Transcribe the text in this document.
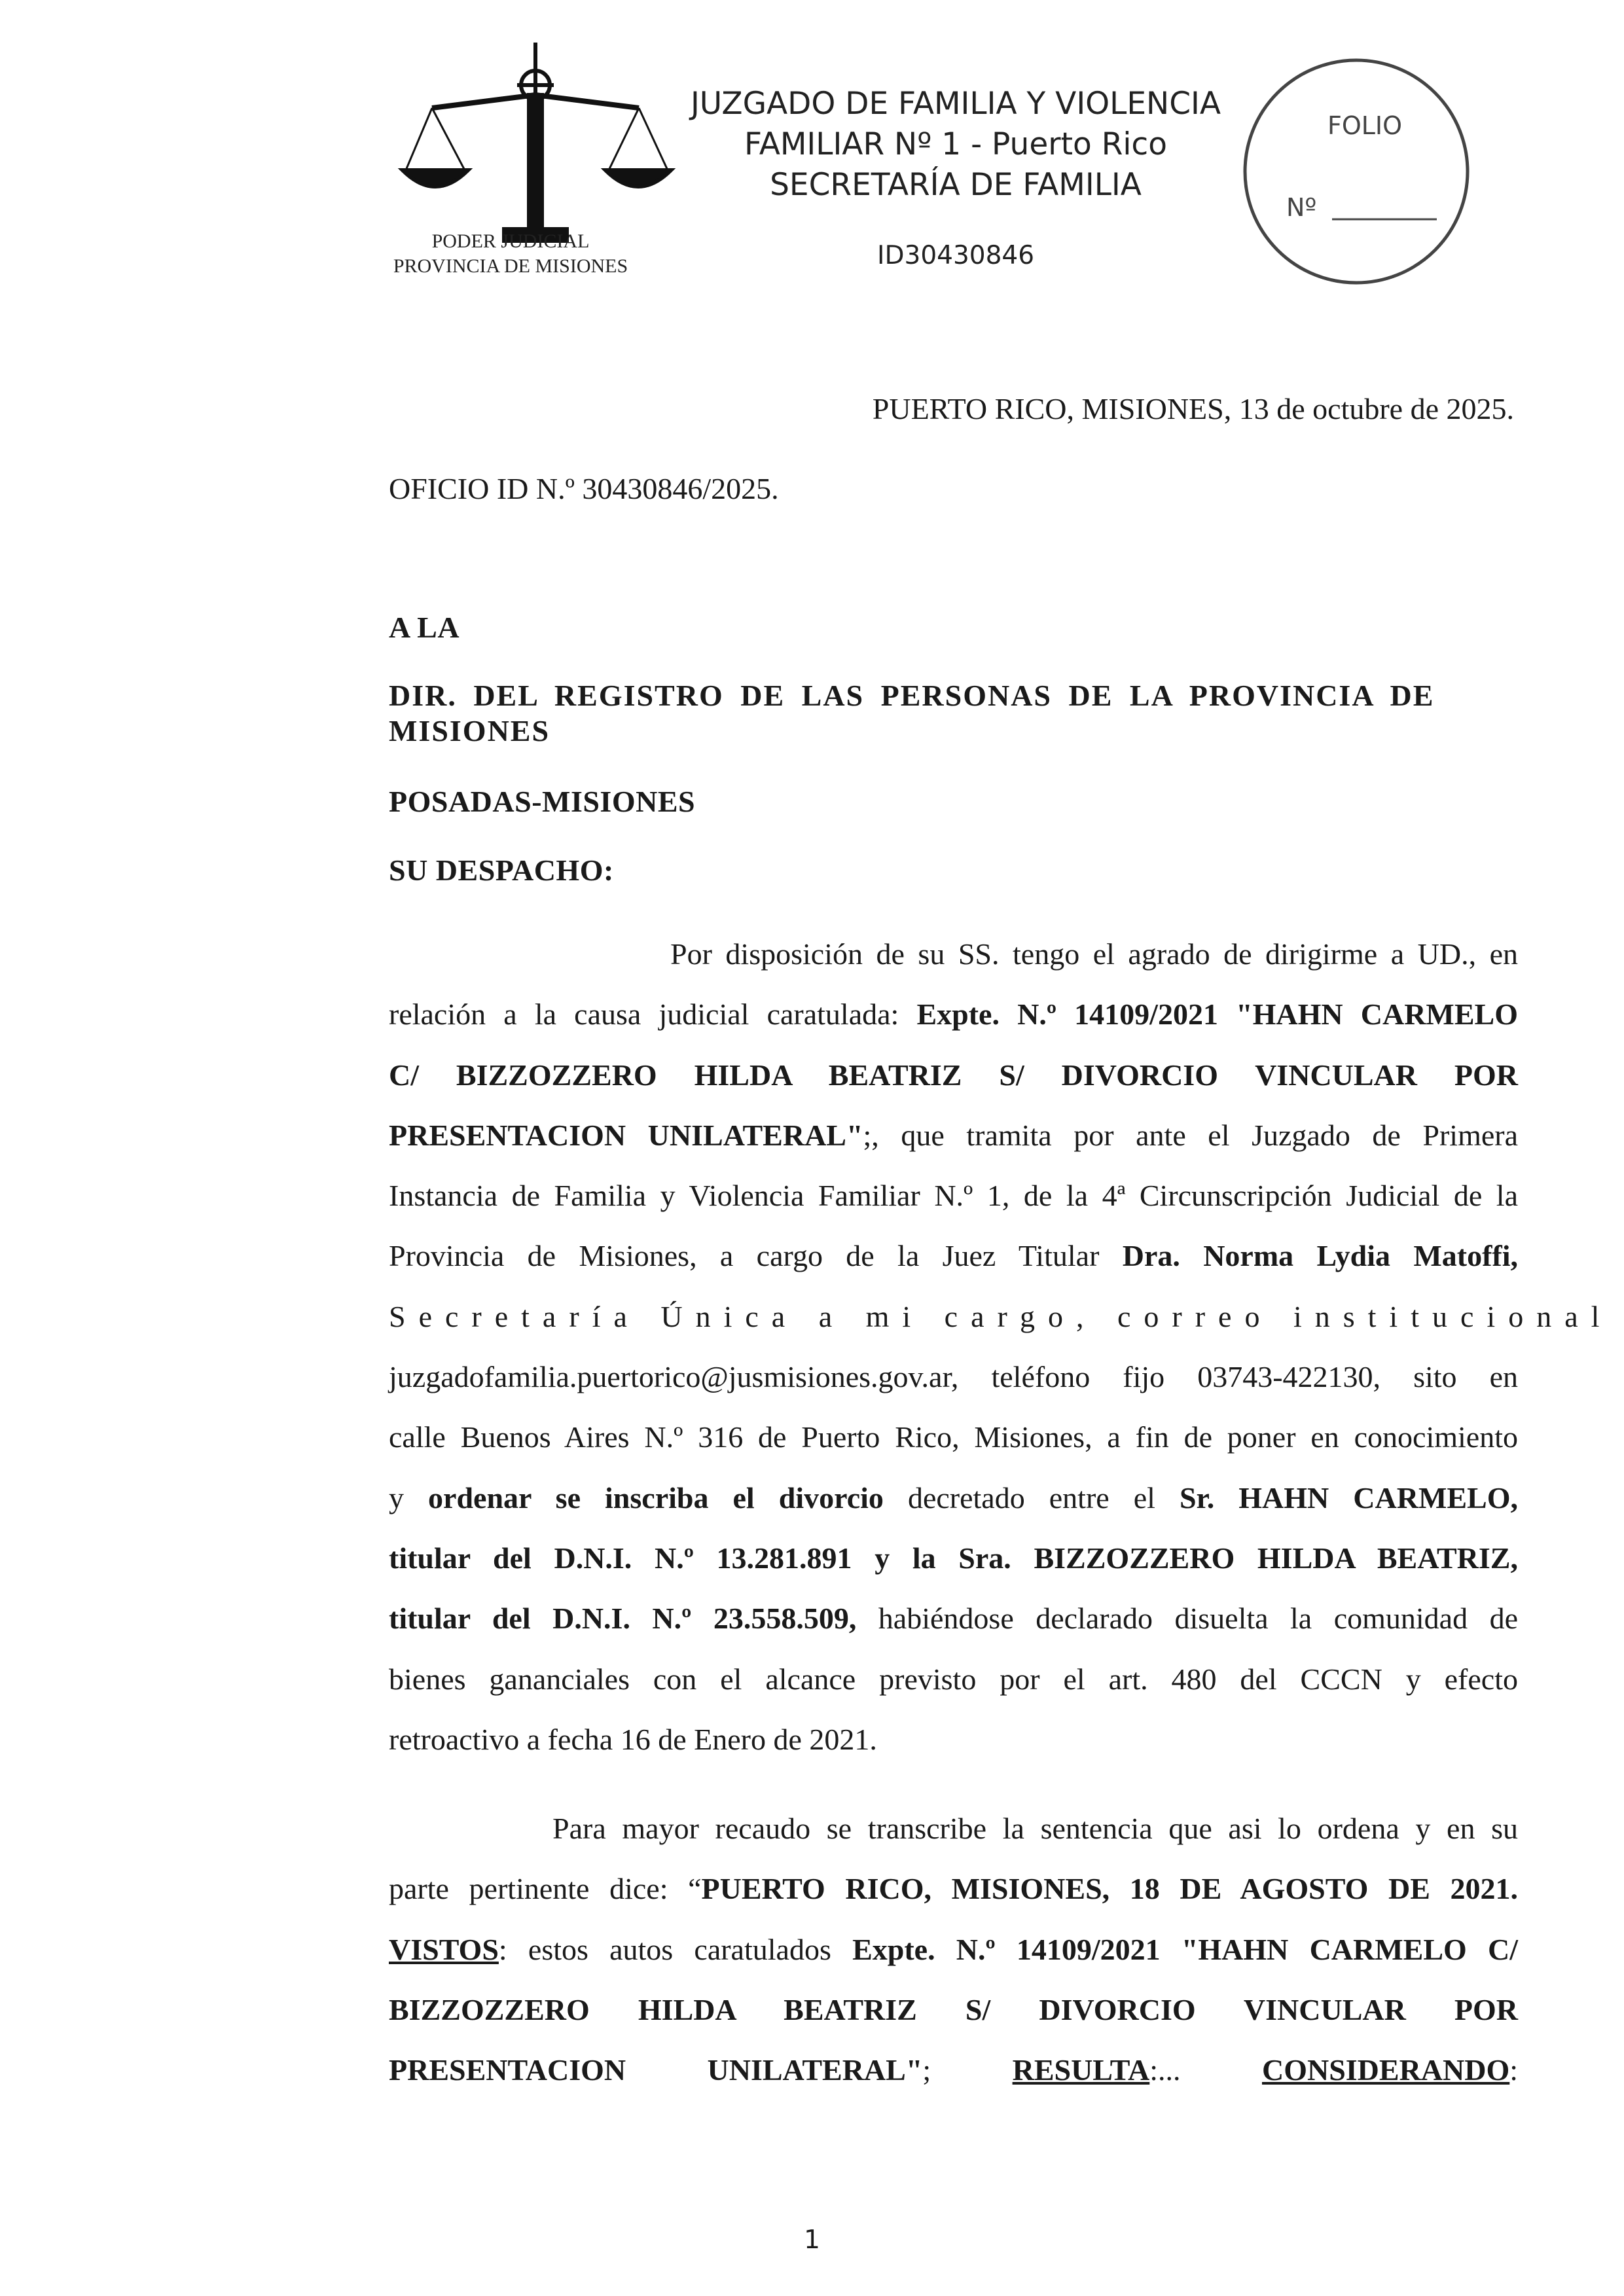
PODER JUDICIAL
PROVINCIA DE MISIONES
JUZGADO DE FAMILIA Y VIOLENCIA
FAMILIAR Nº 1 - Puerto Rico
SECRETARÍA DE FAMILIA
ID30430846
FOLIO
Nº
PUERTO RICO, MISIONES, 13 de octubre de 2025.
OFICIO ID N.º 30430846/2025.
A LA
DIR. DEL REGISTRO DE LAS PERSONAS DE LA PROVINCIA DE MISIONES
POSADAS-MISIONES
SU DESPACHO:
Por disposición de su SS. tengo el agrado de dirigirme a UD., en
relación a la causa judicial caratulada: Expte. N.º 14109/2021 "HAHN CARMELO
C/ BIZZOZZERO HILDA BEATRIZ S/ DIVORCIO VINCULAR POR
PRESENTACION UNILATERAL";, que tramita por ante el Juzgado de Primera
Instancia de Familia y Violencia Familiar N.º 1, de la 4ª Circunscripción Judicial de la
Provincia de Misiones, a cargo de la Juez Titular Dra. Norma Lydia Matoffi,
Secretaría Única a mi cargo, correo institucional
juzgadofamilia.puertorico@jusmisiones.gov.ar, teléfono fijo 03743-422130, sito en
calle Buenos Aires N.º 316 de Puerto Rico, Misiones, a fin de poner en conocimiento
y ordenar se inscriba el divorcio decretado entre el Sr. HAHN CARMELO,
titular del D.N.I. N.º 13.281.891 y la Sra. BIZZOZZERO HILDA BEATRIZ,
titular del D.N.I. N.º 23.558.509, habiéndose declarado disuelta la comunidad de
bienes gananciales con el alcance previsto por el art. 480 del CCCN y efecto
retroactivo a fecha 16 de Enero de 2021.
Para mayor recaudo se transcribe la sentencia que asi lo ordena y en su
parte pertinente dice: “PUERTO RICO, MISIONES, 18 DE AGOSTO DE 2021.
VISTOS: estos autos caratulados Expte. N.º 14109/2021 "HAHN CARMELO C/
BIZZOZZERO HILDA BEATRIZ S/ DIVORCIO VINCULAR POR
PRESENTACION UNILATERAL"; RESULTA:... CONSIDERANDO:
1
